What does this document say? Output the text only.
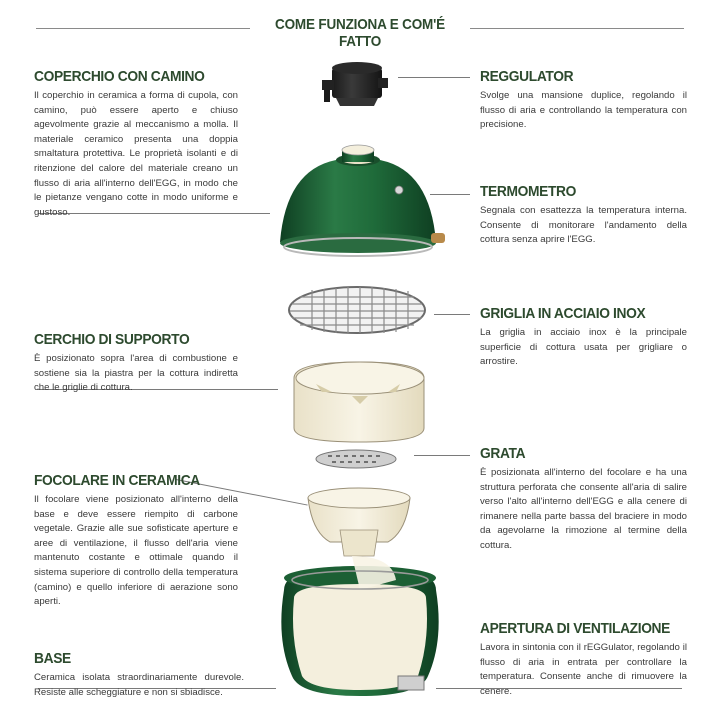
COME FUNZIONA E COM'É FATTO
COPERCHIO CON CAMINO

Il coperchio in ceramica a forma di cupola, con camino, può essere aperto e chiuso agevolmente grazie al meccanismo a molla. Il materiale ceramico presenta una doppia smaltatura protettiva. Le proprietà isolanti e di ritenzione del calore del materiale creano un flusso di aria all'interno dell'EGG, in modo che le pietanze vengano cotte in modo uniforme e gustoso.

CERCHIO DI SUPPORTO

È posizionato sopra l'area di combustione e sostiene sia la piastra per la cottura indiretta che le griglie di cottura.

FOCOLARE IN CERAMICA

Il focolare viene posizionato all'interno della base e deve essere riempito di carbone vegetale. Grazie alle sue sofisticate aperture e aree di ventilazione, il flusso dell'aria viene mantenuto costante e ottimale quando il sistema superiore di controllo della temperatura (camino) e quello inferiore di aerazione sono aperti.

BASE

Ceramica isolata straordinariamente durevole. Resiste alle scheggiature e non si sbiadisce.

REGGULATOR

Svolge una mansione duplice, regolando il flusso di aria e controllando la temperatura con precisione.

TERMOMETRO

Segnala con esattezza la temperatura interna. Consente di monitorare l'andamento della cottura senza aprire l'EGG.

GRIGLIA IN ACCIAIO INOX

La griglia in acciaio inox è la principale superficie di cottura usata per grigliare o arrostire.

GRATA

È posizionata all'interno del focolare e ha una struttura perforata che consente all'aria di salire verso l'alto all'interno dell'EGG e alla cenere di rimanere nella parte bassa del braciere in modo da agevolarne la rimozione al termine della cottura.

APERTURA DI VENTILAZIONE

Lavora in sintonia con il rEGGulator, regolando il flusso di aria in entrata per controllare la temperatura. Consente anche di rimuovere la cenere.
